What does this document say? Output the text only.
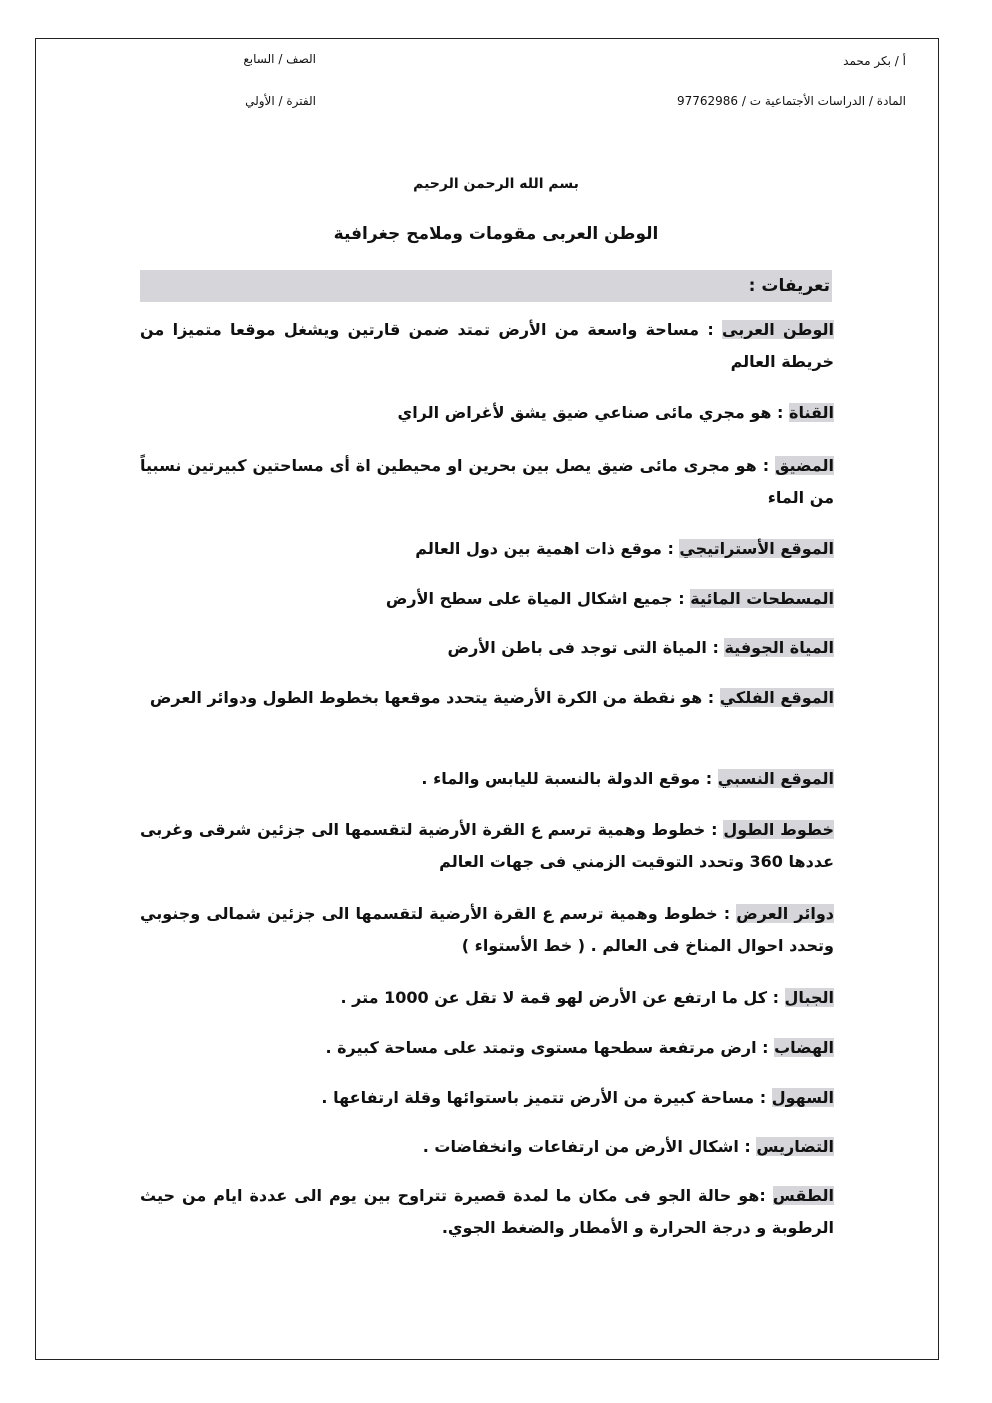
أ / بكر محمد
المادة / الدراسات الأجتماعية ت / 97762986
الصف / السابع
الفترة / الأولي
بسم الله الرحمن الرحيم
الوطن العربى مقومات وملامح جغرافية
تعريفات :
الوطن العربى : مساحة واسعة من الأرض تمتد ضمن قارتين ويشغل موقعا متميزا من خريطة العالم
القناة : هو مجري مائى صناعي ضيق يشق لأغراض الراي
المضيق : هو مجرى مائى ضيق يصل بين بحرين او محيطين اة أى مساحتين كبيرتين نسبياً من الماء
الموقع الأستراتيجي : موقع ذات اهمية بين دول العالم
المسطحات المائية : جميع اشكال المياة على سطح الأرض
المياة الجوفية : المياة التى توجد فى باطن الأرض
الموقع الفلكي : هو نقطة من الكرة الأرضية يتحدد موقعها بخطوط الطول ودوائر العرض
الموقع النسبي : موقع الدولة بالنسبة لليابس والماء .
خطوط الطول : خطوط وهمية ترسم ع القرة الأرضية لتقسمها الى جزئين شرقى وغربى عددها 360 وتحدد التوقيت الزمني فى جهات العالم
دوائر العرض : خطوط وهمية ترسم ع القرة الأرضية لتقسمها الى جزئين شمالى وجنوبي وتحدد احوال المناخ فى العالم . ( خط الأستواء )
الجبال : كل ما ارتفع عن الأرض لهو قمة لا تقل عن 1000 متر .
الهضاب : ارض مرتفعة سطحها مستوى وتمتد على مساحة كبيرة .
السهول : مساحة كبيرة من الأرض تتميز باستوائها وقلة ارتفاعها .
التضاريس : اشكال الأرض من ارتفاعات وانخفاضات .
الطقس :هو حالة الجو فى مكان ما لمدة قصيرة تتراوح بين يوم الى عددة ايام من حيث الرطوبة و درجة الحرارة و الأمطار والضغط الجوي.
